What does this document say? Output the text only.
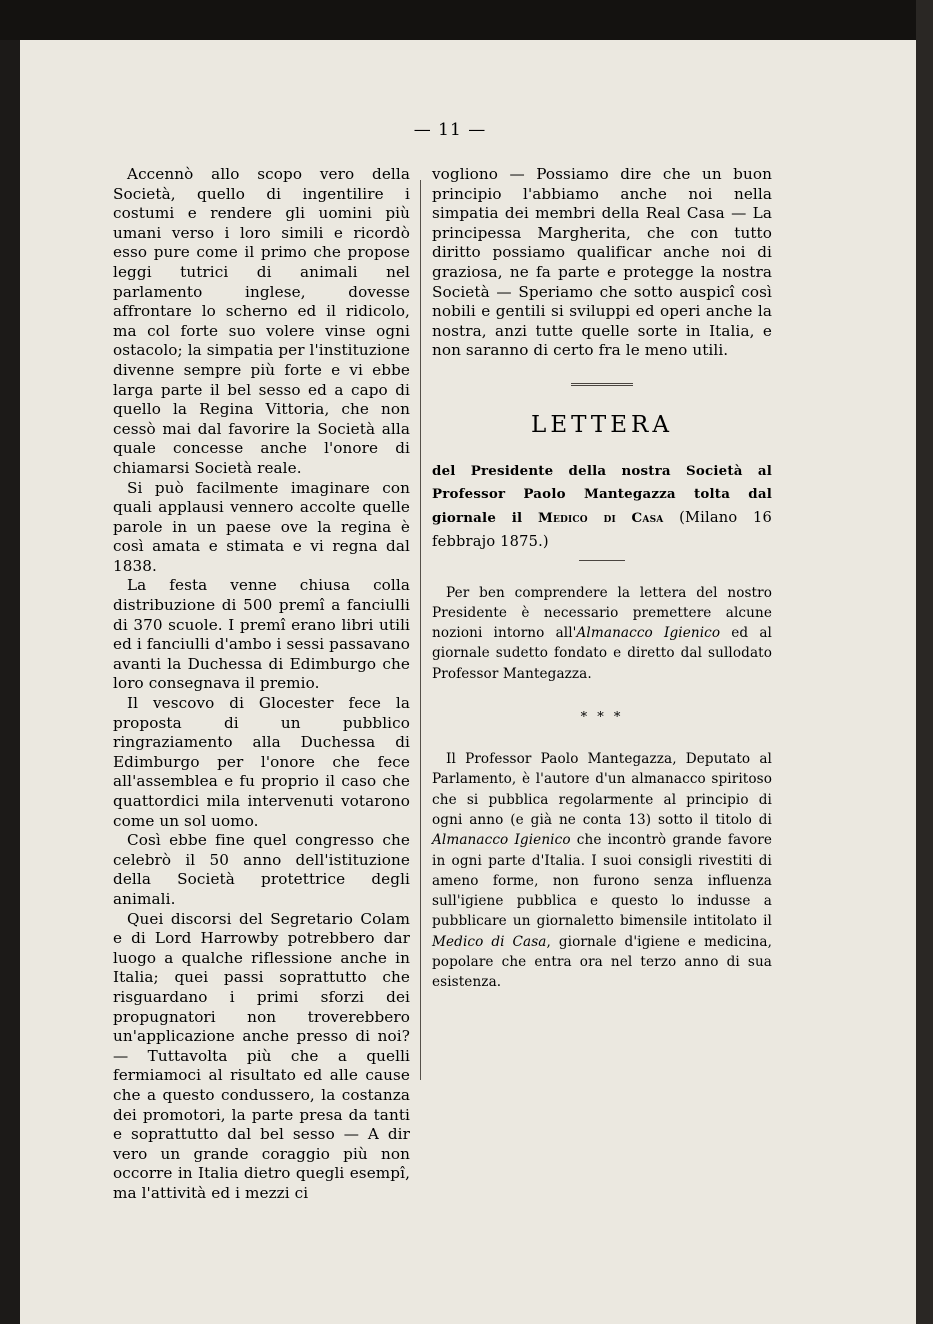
— 11 —

Accennò allo scopo vero della Società, quello di ingentilire i costumi e rendere gli uomini più umani verso i loro simili e ricordò esso pure come il primo che propose leggi tutrici di animali nel parlamento inglese, dovesse affrontare lo scherno ed il ridicolo, ma col forte suo volere vinse ogni ostacolo; la simpatia per l'instituzione divenne sempre più forte e vi ebbe larga parte il bel sesso ed a capo di quello la Regina Vittoria, che non cessò mai dal favorire la Società alla quale concesse anche l'onore di chiamarsi Società reale.

Si può facilmente imaginare con quali applausi vennero accolte quelle parole in un paese ove la regina è così amata e stimata e vi regna dal 1838.

La festa venne chiusa colla distribuzione di 500 premî a fanciulli di 370 scuole. I premî erano libri utili ed i fanciulli d'ambo i sessi passavano avanti la Duchessa di Edimburgo che loro consegnava il premio.

Il vescovo di Glocester fece la proposta di un pubblico ringraziamento alla Duchessa di Edimburgo per l'onore che fece all'assemblea e fu proprio il caso che quattordici mila intervenuti votarono come un sol uomo.

Così ebbe fine quel congresso che celebrò il 50 anno dell'istituzione della Società protettrice degli animali.

Quei discorsi del Segretario Colam e di Lord Harrowby potrebbero dar luogo a qualche riflessione anche in Italia; quei passi soprattutto che risguardano i primi sforzi dei propugnatori non troverebbero un'applicazione anche presso di noi? — Tuttavolta più che a quelli fermiamoci al risultato ed alle cause che a questo condussero, la costanza dei promotori, la parte presa da tanti e soprattutto dal bel sesso — A dir vero un grande coraggio più non occorre in Italia dietro quegli esempî, ma l'attività ed i mezzi ci

vogliono — Possiamo dire che un buon principio l'abbiamo anche noi nella simpatia dei membri della Real Casa — La principessa Margherita, che con tutto diritto possiamo qualificar anche noi di graziosa, ne fa parte e protegge la nostra Società — Speriamo che sotto auspicî così nobili e gentili si sviluppi ed operi anche la nostra, anzi tutte quelle sorte in Italia, e non saranno di certo fra le meno utili.

LETTERA

del Presidente della nostra Società al Professor Paolo Mantegazza tolta dal giornale il Medico di Casa (Milano 16 febbrajo 1875.)

Per ben comprendere la lettera del nostro Presidente è necessario premettere alcune nozioni intorno all'Almanacco Igienico ed al giornale sudetto fondato e diretto dal sullodato Professor Mantegazza.

* * *

Il Professor Paolo Mantegazza, Deputato al Parlamento, è l'autore d'un almanacco spiritoso che si pubblica regolarmente al principio di ogni anno (e già ne conta 13) sotto il titolo di Almanacco Igienico che incontrò grande favore in ogni parte d'Italia. I suoi consigli rivestiti di ameno forme, non furono senza influenza sull'igiene pubblica e questo lo indusse a pubblicare un giornaletto bimensile intitolato il Medico di Casa, giornale d'igiene e medicina, popolare che entra ora nel terzo anno di sua esistenza.
